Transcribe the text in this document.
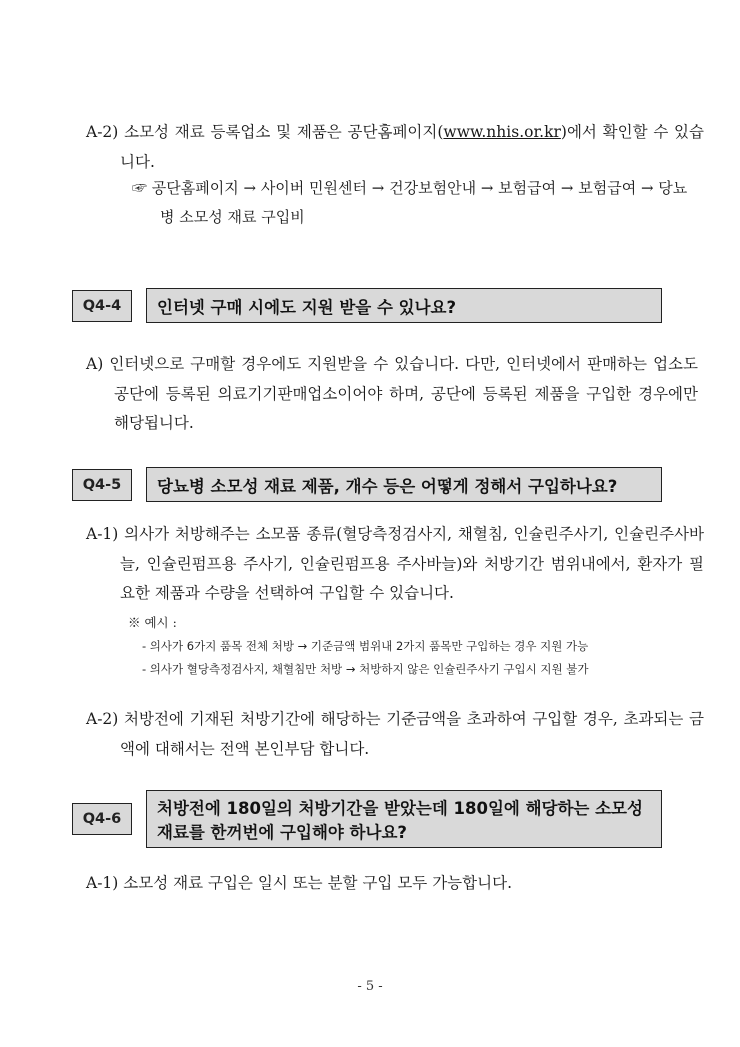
A-2) 소모성 재료 등록업소 및 제품은 공단홈페이지(www.nhis.or.kr)에서 확인할 수 있습니다.
☞ 공단홈페이지 → 사이버 민원센터 → 건강보험안내 → 보험급여 → 보험급여 → 당뇨병 소모성 재료 구입비
Q4-4	인터넷 구매 시에도 지원 받을 수 있나요?
A) 인터넷으로 구매할 경우에도 지원받을 수 있습니다. 다만, 인터넷에서 판매하는 업소도 공단에 등록된 의료기기판매업소이어야 하며, 공단에 등록된 제품을 구입한 경우에만 해당됩니다.
Q4-5	당뇨병 소모성 재료 제품, 개수 등은 어떻게 정해서 구입하나요?
A-1) 의사가 처방해주는 소모품 종류(혈당측정검사지, 채혈침, 인슐린주사기, 인슐린주사바늘, 인슐린펌프용 주사기, 인슐린펌프용 주사바늘)와 처방기간 범위내에서, 환자가 필요한 제품과 수량을 선택하여 구입할 수 있습니다.
※ 예시 :
- 의사가 6가지 품목 전체 처방 → 기준금액 범위내 2가지 품목만 구입하는 경우 지원 가능
- 의사가 혈당측정검사지, 채혈침만 처방 → 처방하지 않은 인슐린주사기 구입시 지원 불가
A-2) 처방전에 기재된 처방기간에 해당하는 기준금액을 초과하여 구입할 경우, 초과되는 금액에 대해서는 전액 본인부담 합니다.
Q4-6
처방전에 180일의 처방기간을 받았는데 180일에 해당하는 소모성
재료를 한꺼번에 구입해야 하나요?
A-1) 소모성 재료 구입은 일시 또는 분할 구입 모두 가능합니다.
- 5 -
